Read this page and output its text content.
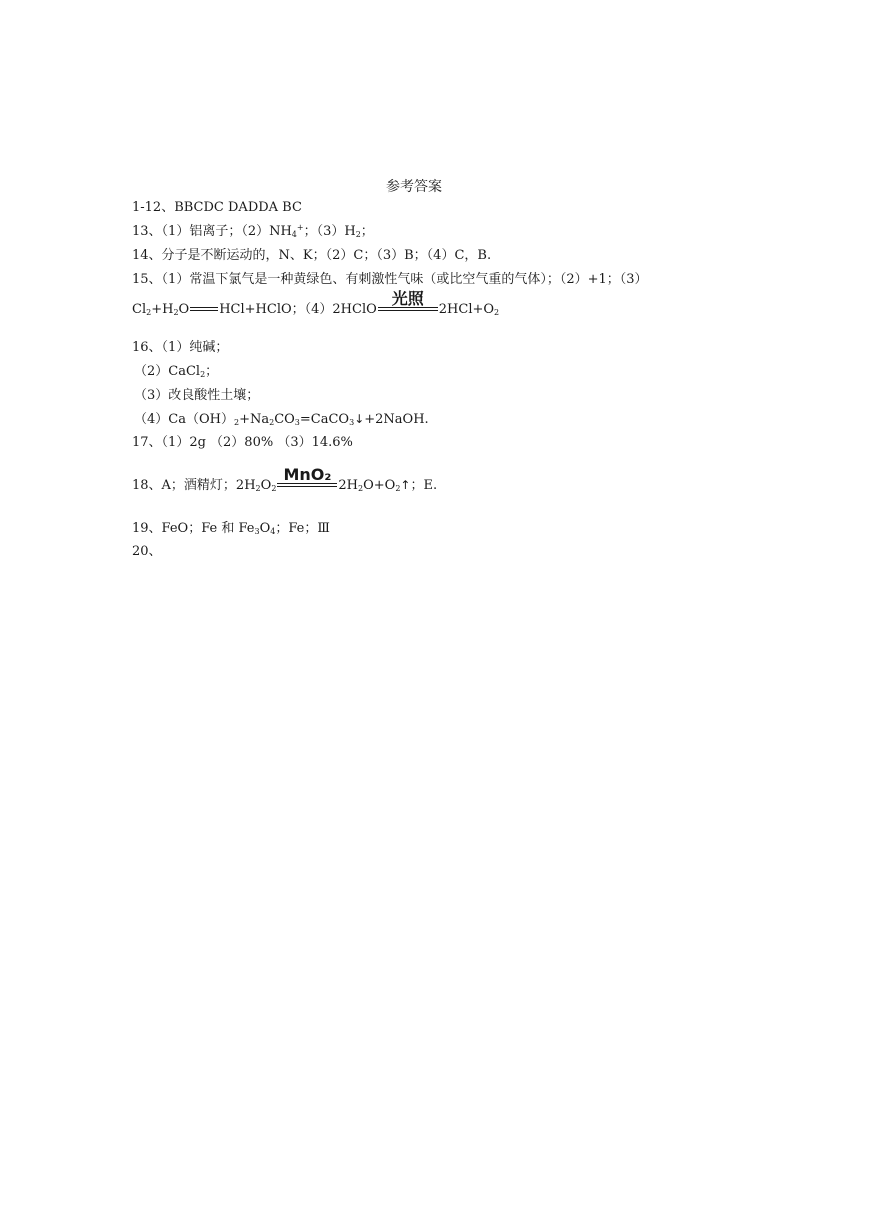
参考答案
1-12、BBCDC DADDA BC
13、（1）铝离子；$(2)NH_4^+$；$(3)H_2$；
14、分子是不断运动的，N、K；（2）C；（3）B；（4）C，B.
15、（1）常温下氯气是一种黄绿色、有刺激性气味（或比空气重的气体）；（2）+1；（3）
$Cl_2+H_2O$ HCl+HClO；（4）2HClO
光照
$2HCl+O_2$
16、（1）纯碱；
（2）CaCl$_2$；
（3）改良酸性土壤；
$(4)Ca(OH)_2+Na_2CO_3=CaCO_3↓+2NaOH$.
17、（1）2g （2）80% （3）14.6%
18、A；酒精灯；$2H_2O_2$
MnO₂
$2H_2O+O_2↑$；E.
19、FeO；Fe 和 $Fe_3O_4$；Fe；Ⅲ
20、
